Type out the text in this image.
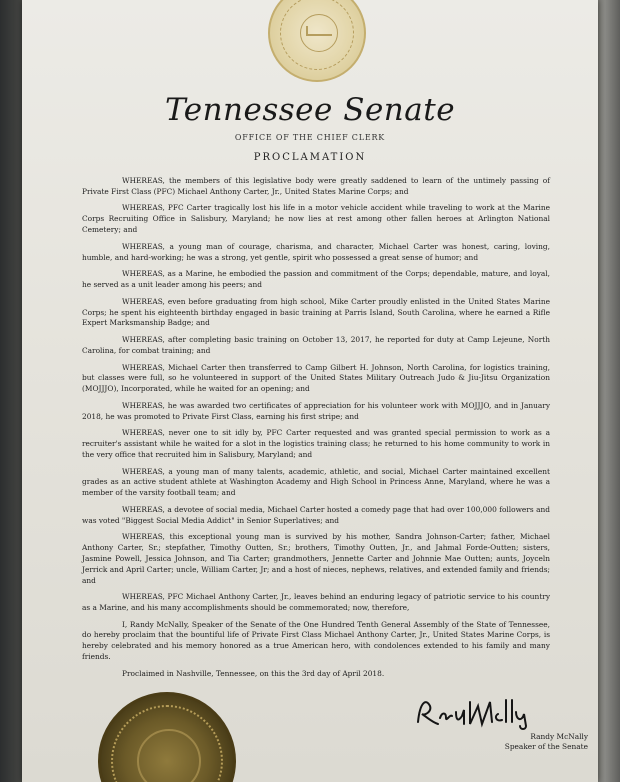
Tennessee Senate
OFFICE OF THE CHIEF CLERK
PROCLAMATION

WHEREAS, the members of this legislative body were greatly saddened to learn of the untimely passing of Private First Class (PFC) Michael Anthony Carter, Jr., United States Marine Corps; and

WHEREAS, PFC Carter tragically lost his life in a motor vehicle accident while traveling to work at the Marine Corps Recruiting Office in Salisbury, Maryland; he now lies at rest among other fallen heroes at Arlington National Cemetery; and

WHEREAS, a young man of courage, charisma, and character, Michael Carter was honest, caring, loving, humble, and hard-working; he was a strong, yet gentle, spirit who possessed a great sense of humor; and

WHEREAS, as a Marine, he embodied the passion and commitment of the Corps; dependable, mature, and loyal, he served as a unit leader among his peers; and

WHEREAS, even before graduating from high school, Mike Carter proudly enlisted in the United States Marine Corps; he spent his eighteenth birthday engaged in basic training at Parris Island, South Carolina, where he earned a Rifle Expert Marksmanship Badge; and

WHEREAS, after completing basic training on October 13, 2017, he reported for duty at Camp Lejeune, North Carolina, for combat training; and

WHEREAS, Michael Carter then transferred to Camp Gilbert H. Johnson, North Carolina, for logistics training, but classes were full, so he volunteered in support of the United States Military Outreach Judo & Jiu-Jitsu Organization (MOJJJO), Incorporated, while he waited for an opening; and

WHEREAS, he was awarded two certificates of appreciation for his volunteer work with MOJJJO, and in January 2018, he was promoted to Private First Class, earning his first stripe; and

WHEREAS, never one to sit idly by, PFC Carter requested and was granted special permission to work as a recruiter's assistant while he waited for a slot in the logistics training class; he returned to his home community to work in the very office that recruited him in Salisbury, Maryland; and

WHEREAS, a young man of many talents, academic, athletic, and social, Michael Carter maintained excellent grades as an active student athlete at Washington Academy and High School in Princess Anne, Maryland, where he was a member of the varsity football team; and

WHEREAS, a devotee of social media, Michael Carter hosted a comedy page that had over 100,000 followers and was voted "Biggest Social Media Addict" in Senior Superlatives; and

WHEREAS, this exceptional young man is survived by his mother, Sandra Johnson-Carter; father, Michael Anthony Carter, Sr.; stepfather, Timothy Outten, Sr.; brothers, Timothy Outten, Jr., and Jahmal Forde-Outten; sisters, Jasmine Powell, Jessica Johnson, and Tia Carter; grandmothers, Jennette Carter and Johnnie Mae Outten; aunts, Joyceln Jerrick and April Carter; uncle, William Carter, Jr; and a host of nieces, nephews, relatives, and extended family and friends; and

WHEREAS, PFC Michael Anthony Carter, Jr., leaves behind an enduring legacy of patriotic service to his country as a Marine, and his many accomplishments should be commemorated; now, therefore,

I, Randy McNally, Speaker of the Senate of the One Hundred Tenth General Assembly of the State of Tennessee, do hereby proclaim that the bountiful life of Private First Class Michael Anthony Carter, Jr., United States Marine Corps, is hereby celebrated and his memory honored as a true American hero, with condolences extended to his family and many friends.

Proclaimed in Nashville, Tennessee, on this the 3rd day of April 2018.

Randy McNally
Speaker of the Senate
